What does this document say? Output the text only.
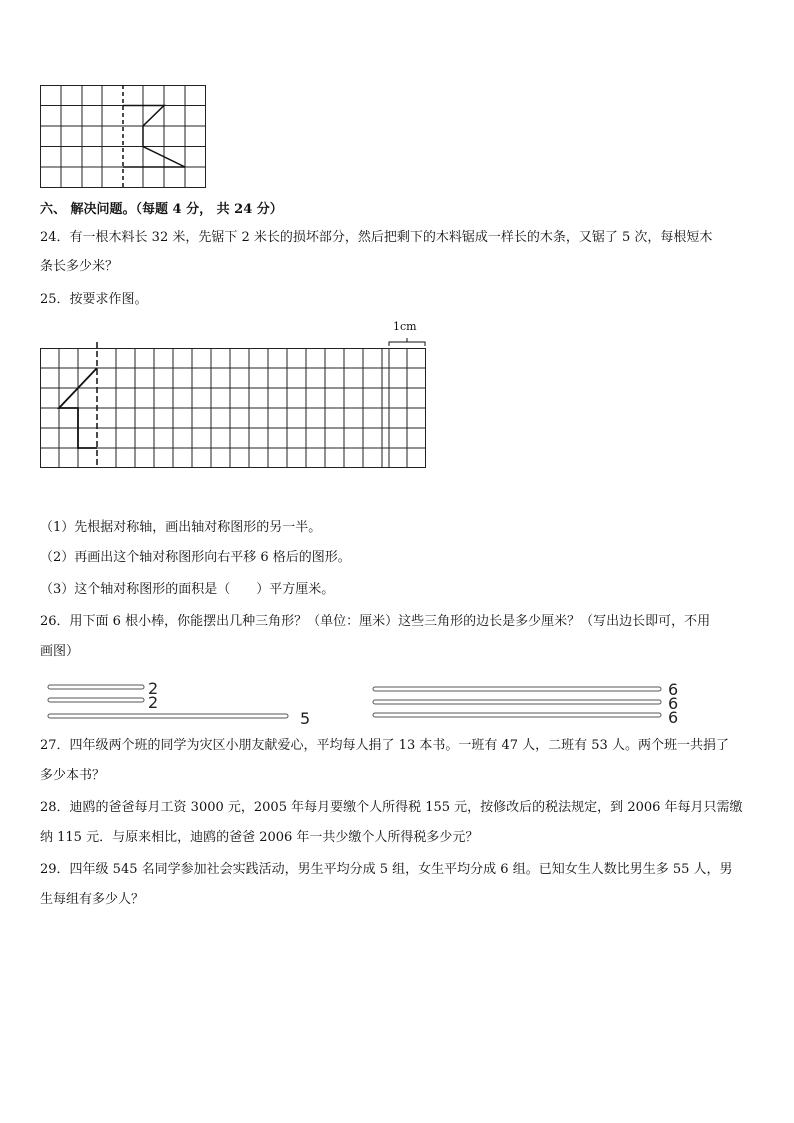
六、 解决问题。（每题 4 分， 共 24 分）
24．有一根木料长 32 米，先锯下 2 米长的损坏部分，然后把剩下的木料锯成一样长的木条，又锯了 5 次，每根短木
条长多少米？
25．按要求作图。
1cm
（1）先根据对称轴，画出轴对称图形的另一半。
（2）再画出这个轴对称图形向右平移 6 格后的图形。
（3）这个轴对称图形的面积是（　　）平方厘米。
26．用下面 6 根小棒，你能摆出几种三角形？（单位：厘米）这些三角形的边长是多少厘米？（写出边长即可，不用
画图）
2
2
5
6
6
6
27．四年级两个班的同学为灾区小朋友献爱心，平均每人捐了 13 本书。一班有 47 人，二班有 53 人。两个班一共捐了
多少本书？
28．迪鸥的爸爸每月工资 3000 元，2005 年每月要缴个人所得税 155 元，按修改后的税法规定，到 2006 年每月只需缴
纳 115 元．与原来相比，迪鸥的爸爸 2006 年一共少缴个人所得税多少元？
29．四年级 545 名同学参加社会实践活动，男生平均分成 5 组，女生平均分成 6 组。已知女生人数比男生多 55 人，男
生每组有多少人？
